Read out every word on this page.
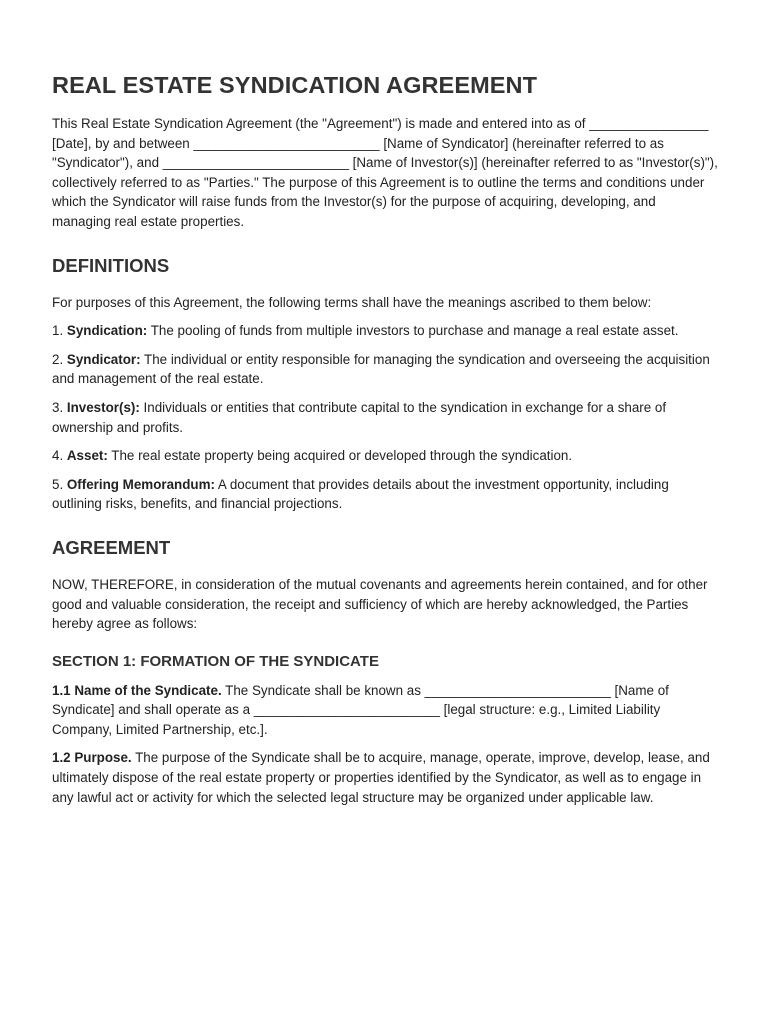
REAL ESTATE SYNDICATION AGREEMENT

This Real Estate Syndication Agreement (the "Agreement") is made and entered into as of ________________ [Date], by and between _________________________ [Name of Syndicator] (hereinafter referred to as "Syndicator"), and _________________________ [Name of Investor(s)] (hereinafter referred to as "Investor(s)"), collectively referred to as "Parties." The purpose of this Agreement is to outline the terms and conditions under which the Syndicator will raise funds from the Investor(s) for the purpose of acquiring, developing, and managing real estate properties.

DEFINITIONS

For purposes of this Agreement, the following terms shall have the meanings ascribed to them below:

1. Syndication: The pooling of funds from multiple investors to purchase and manage a real estate asset.

2. Syndicator: The individual or entity responsible for managing the syndication and overseeing the acquisition and management of the real estate.

3. Investor(s): Individuals or entities that contribute capital to the syndication in exchange for a share of ownership and profits.

4. Asset: The real estate property being acquired or developed through the syndication.

5. Offering Memorandum: A document that provides details about the investment opportunity, including outlining risks, benefits, and financial projections.

AGREEMENT

NOW, THEREFORE, in consideration of the mutual covenants and agreements herein contained, and for other good and valuable consideration, the receipt and sufficiency of which are hereby acknowledged, the Parties hereby agree as follows:

SECTION 1: FORMATION OF THE SYNDICATE

1.1 Name of the Syndicate. The Syndicate shall be known as _________________________ [Name of Syndicate] and shall operate as a _________________________ [legal structure: e.g., Limited Liability Company, Limited Partnership, etc.].

1.2 Purpose. The purpose of the Syndicate shall be to acquire, manage, operate, improve, develop, lease, and ultimately dispose of the real estate property or properties identified by the Syndicator, as well as to engage in any lawful act or activity for which the selected legal structure may be organized under applicable law.
